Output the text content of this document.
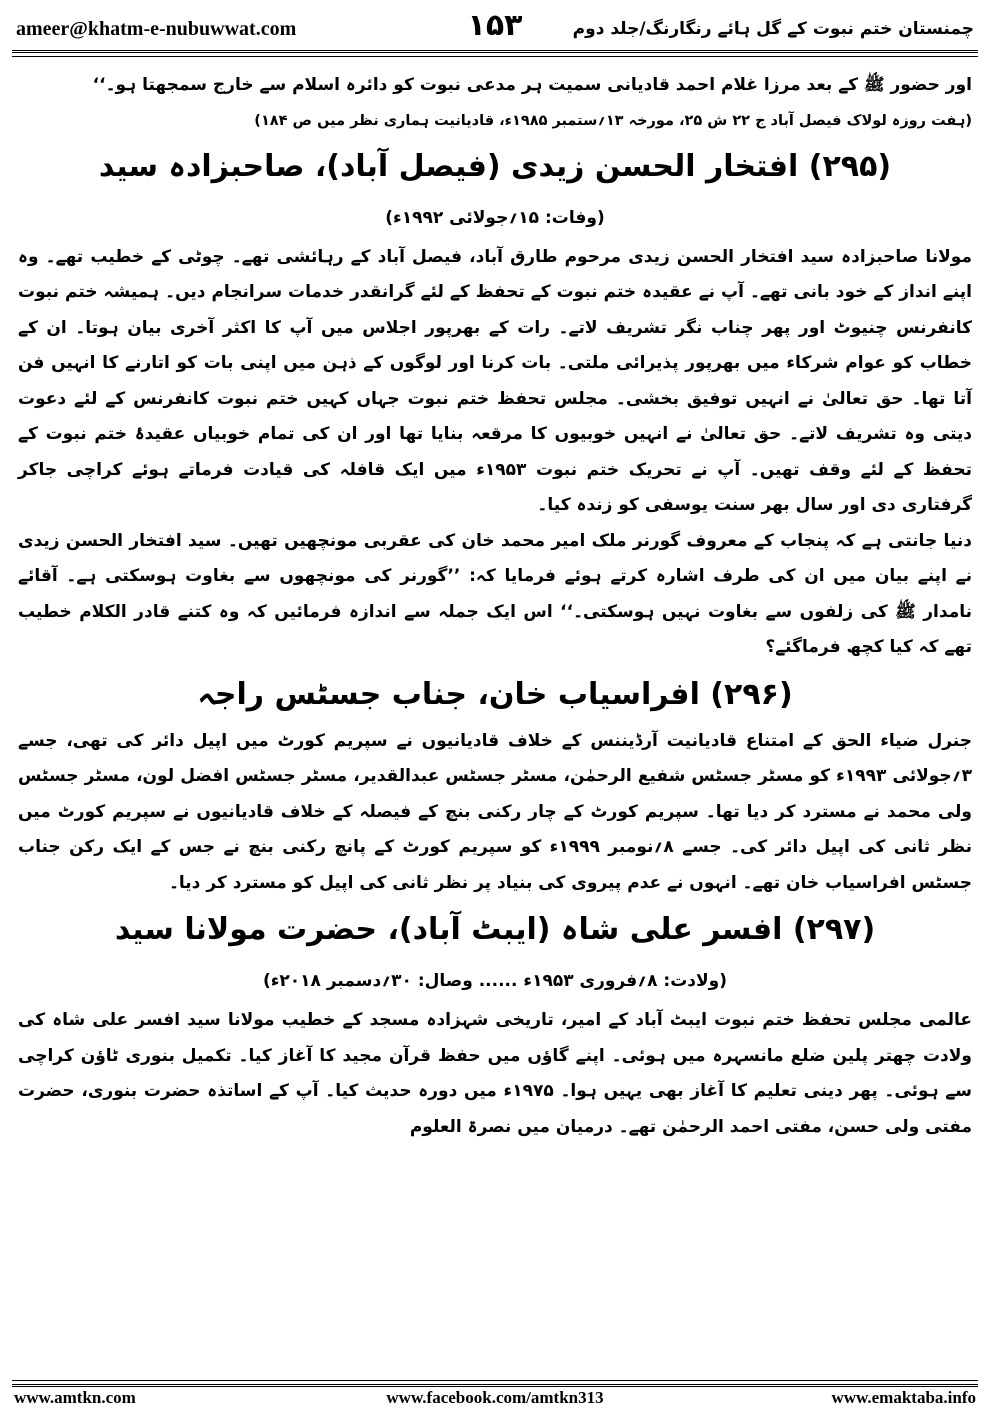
ameer@khatm-e-nubuwwat.com	۱۵۳	چمنستان ختم نبوت کے گل ہائے رنگارنگ/جلد دوم

اور حضور ﷺ کے بعد مرزا غلام احمد قادیانی سمیت ہر مدعی نبوت کو دائرہ اسلام سے خارج سمجھتا ہو۔‘‘

(ہفت روزہ لولاک فیصل آباد ج ۲۲ ش ۲۵، مورخہ ۱۳؍ستمبر ۱۹۸۵ء، قادیانیت ہماری نظر میں ص ۱۸۴)

(۲۹۵) افتخار الحسن زیدی (فیصل آباد)، صاحبزادہ سید

(وفات: ۱۵؍جولائی ۱۹۹۲ء)

مولانا صاحبزادہ سید افتخار الحسن زیدی مرحوم طارق آباد، فیصل آباد کے رہائشی تھے۔ چوٹی کے خطیب تھے۔ وہ اپنے انداز کے خود بانی تھے۔ آپ نے عقیدہ ختم نبوت کے تحفظ کے لئے گرانقدر خدمات سرانجام دیں۔ ہمیشہ ختم نبوت کانفرنس چنیوٹ اور پھر چناب نگر تشریف لاتے۔ رات کے بھرپور اجلاس میں آپ کا اکثر آخری بیان ہوتا۔ ان کے خطاب کو عوام شرکاء میں بھرپور پذیرائی ملتی۔ بات کرنا اور لوگوں کے ذہن میں اپنی بات کو اتارنے کا انہیں فن آتا تھا۔ حق تعالیٰ نے انہیں توفیق بخشی۔ مجلس تحفظ ختم نبوت جہاں کہیں ختم نبوت کانفرنس کے لئے دعوت دیتی وہ تشریف لاتے۔ حق تعالیٰ نے انہیں خوبیوں کا مرقعہ بنایا تھا اور ان کی تمام خوبیاں عقیدۂ ختم نبوت کے تحفظ کے لئے وقف تھیں۔ آپ نے تحریک ختم نبوت ۱۹۵۳ء میں ایک قافلہ کی قیادت فرماتے ہوئے کراچی جاکر گرفتاری دی اور سال بھر سنت یوسفی کو زندہ کیا۔

دنیا جانتی ہے کہ پنجاب کے معروف گورنر ملک امیر محمد خان کی عقربی مونچھیں تھیں۔ سید افتخار الحسن زیدی نے اپنے بیان میں ان کی طرف اشارہ کرتے ہوئے فرمایا کہ: ’’گورنر کی مونچھوں سے بغاوت ہوسکتی ہے۔ آقائے نامدار ﷺ کی زلفوں سے بغاوت نہیں ہوسکتی۔‘‘ اس ایک جملہ سے اندازہ فرمائیں کہ وہ کتنے قادر الکلام خطیب تھے کہ کیا کچھ فرماگئے؟

(۲۹۶) افراسیاب خان، جناب جسٹس راجہ

جنرل ضیاء الحق کے امتناع قادیانیت آرڈیننس کے خلاف قادیانیوں نے سپریم کورٹ میں اپیل دائر کی تھی، جسے ۳؍جولائی ۱۹۹۳ء کو مسٹر جسٹس شفیع الرحمٰن، مسٹر جسٹس عبدالقدیر، مسٹر جسٹس افضل لون، مسٹر جسٹس ولی محمد نے مسترد کر دیا تھا۔ سپریم کورٹ کے چار رکنی بنچ کے فیصلہ کے خلاف قادیانیوں نے سپریم کورٹ میں نظر ثانی کی اپیل دائر کی۔ جسے ۸؍نومبر ۱۹۹۹ء کو سپریم کورٹ کے پانچ رکنی بنچ نے جس کے ایک رکن جناب جسٹس افراسیاب خان تھے۔ انہوں نے عدم پیروی کی بنیاد پر نظر ثانی کی اپیل کو مسترد کر دیا۔

(۲۹۷) افسر علی شاہ (ایبٹ آباد)، حضرت مولانا سید

(ولادت: ۸؍فروری ۱۹۵۳ء ...... وصال: ۳۰؍دسمبر ۲۰۱۸ء)

عالمی مجلس تحفظ ختم نبوت ایبٹ آباد کے امیر، تاریخی شہزادہ مسجد کے خطیب مولانا سید افسر علی شاہ کی ولادت چھتر پلین ضلع مانسہرہ میں ہوئی۔ اپنے گاؤں میں حفظ قرآن مجید کا آغاز کیا۔ تکمیل بنوری ٹاؤن کراچی سے ہوئی۔ پھر دینی تعلیم کا آغاز بھی یہیں ہوا۔ ۱۹۷۵ء میں دورہ حدیث کیا۔ آپ کے اساتذہ حضرت بنوری، حضرت مفتی ولی حسن، مفتی احمد الرحمٰن تھے۔ درمیان میں نصرۃ العلوم

www.amtkn.com	www.facebook.com/amtkn313	www.emaktaba.info
